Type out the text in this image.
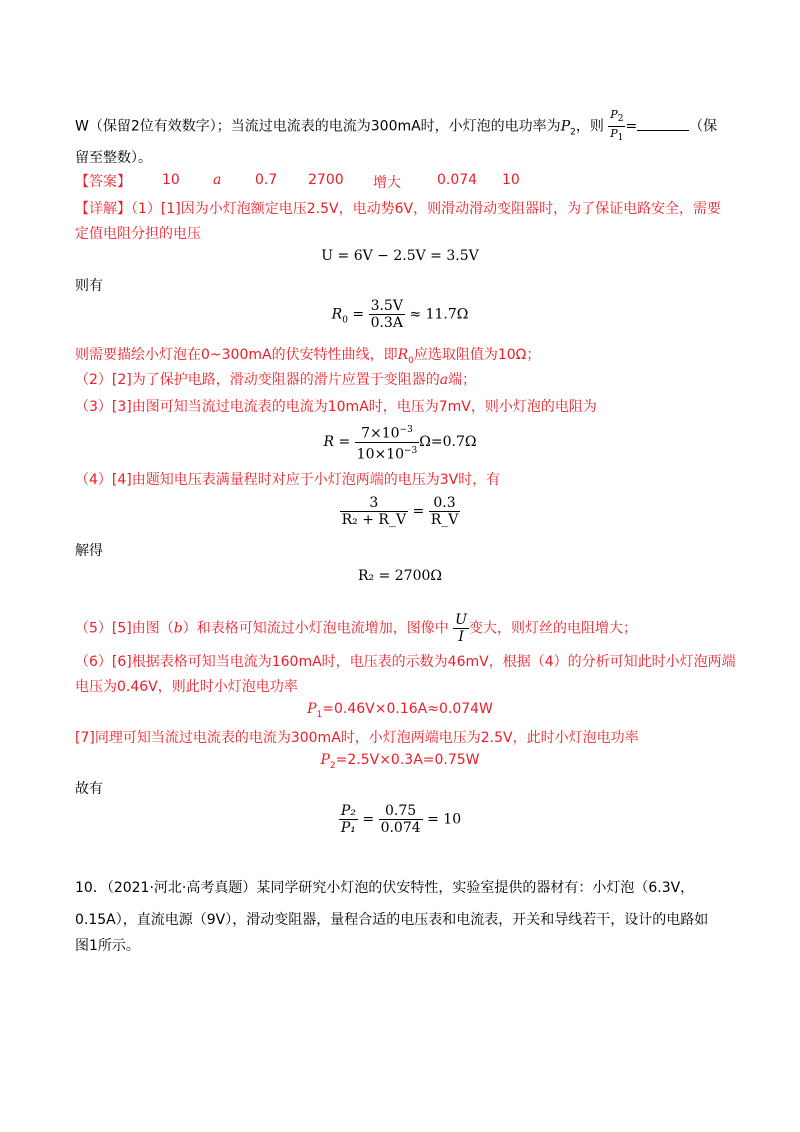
W（保留2位有效数字）；当流过电流表的电流为300mA时，小灯泡的电功率为$P_2$，则 $\frac{P_2}{P_1}$ =	（保
留至整数）。
【答案】 10 a 0.7 2700 增大	0.074 10
【详解】（1）[1]因为小灯泡额定电压2.5V，电动势6V，则滑动滑动变阻器时，为了保证电路安全，需要
定值电阻分担的电压
U = 6V − 2.5V = 3.5V
则有
$R_0 = \frac{3.5V}{0.3A} \approx 11.7\Omega$
则需要描绘小灯泡在0~300mA的伏安特性曲线，即$R_0$应选取阻值为10Ω；
（2）[2]为了保护电路，滑动变阻器的滑片应置于变阻器的a端；
（3）[3]由图可知当流过电流表的电流为10mA时，电压为7mV，则小灯泡的电阻为
$R = \frac{7\times 10^{-3}}{10\times 10^{-3}} \Omega=0.7\Omega$
（4）[4]由题知电压表满量程时对应于小灯泡两端的电压为3V时，有
$\frac{3}{\text{R₂ + R\_V}} = \frac{0.3}{R\_V}$
解得
R₂ = 2700Ω
（5）[5]由图（b）和表格可知流过小灯泡电流增加，图像中 $\frac{U}{I}$ 变大，则灯丝的电阻增大；
（6）[6]根据表格可知当电流为160mA时，电压表的示数为46mV，根据（4）的分析可知此时小灯泡两端
电压为0.46V，则此时小灯泡电功率
$P_1=0.46V\times 0.16A\approx 0.074W$
[7]同理可知当流过电流表的电流为300mA时，小灯泡两端电压为2.5V，此时小灯泡电功率
$P_2=2.5V\times 0.3A=0.75W$
故有
$\frac{\text{P₂}}{\text{P₁}} = \frac{0.75}{0.074} = 10$
10．（2021·河北·高考真题）某同学研究小灯泡的伏安特性，实验室提供的器材有：小灯泡（6.3V，
0.15A），直流电源（9V），滑动变阻器，量程合适的电压表和电流表，开关和导线若干，设计的电路如
图1所示。
